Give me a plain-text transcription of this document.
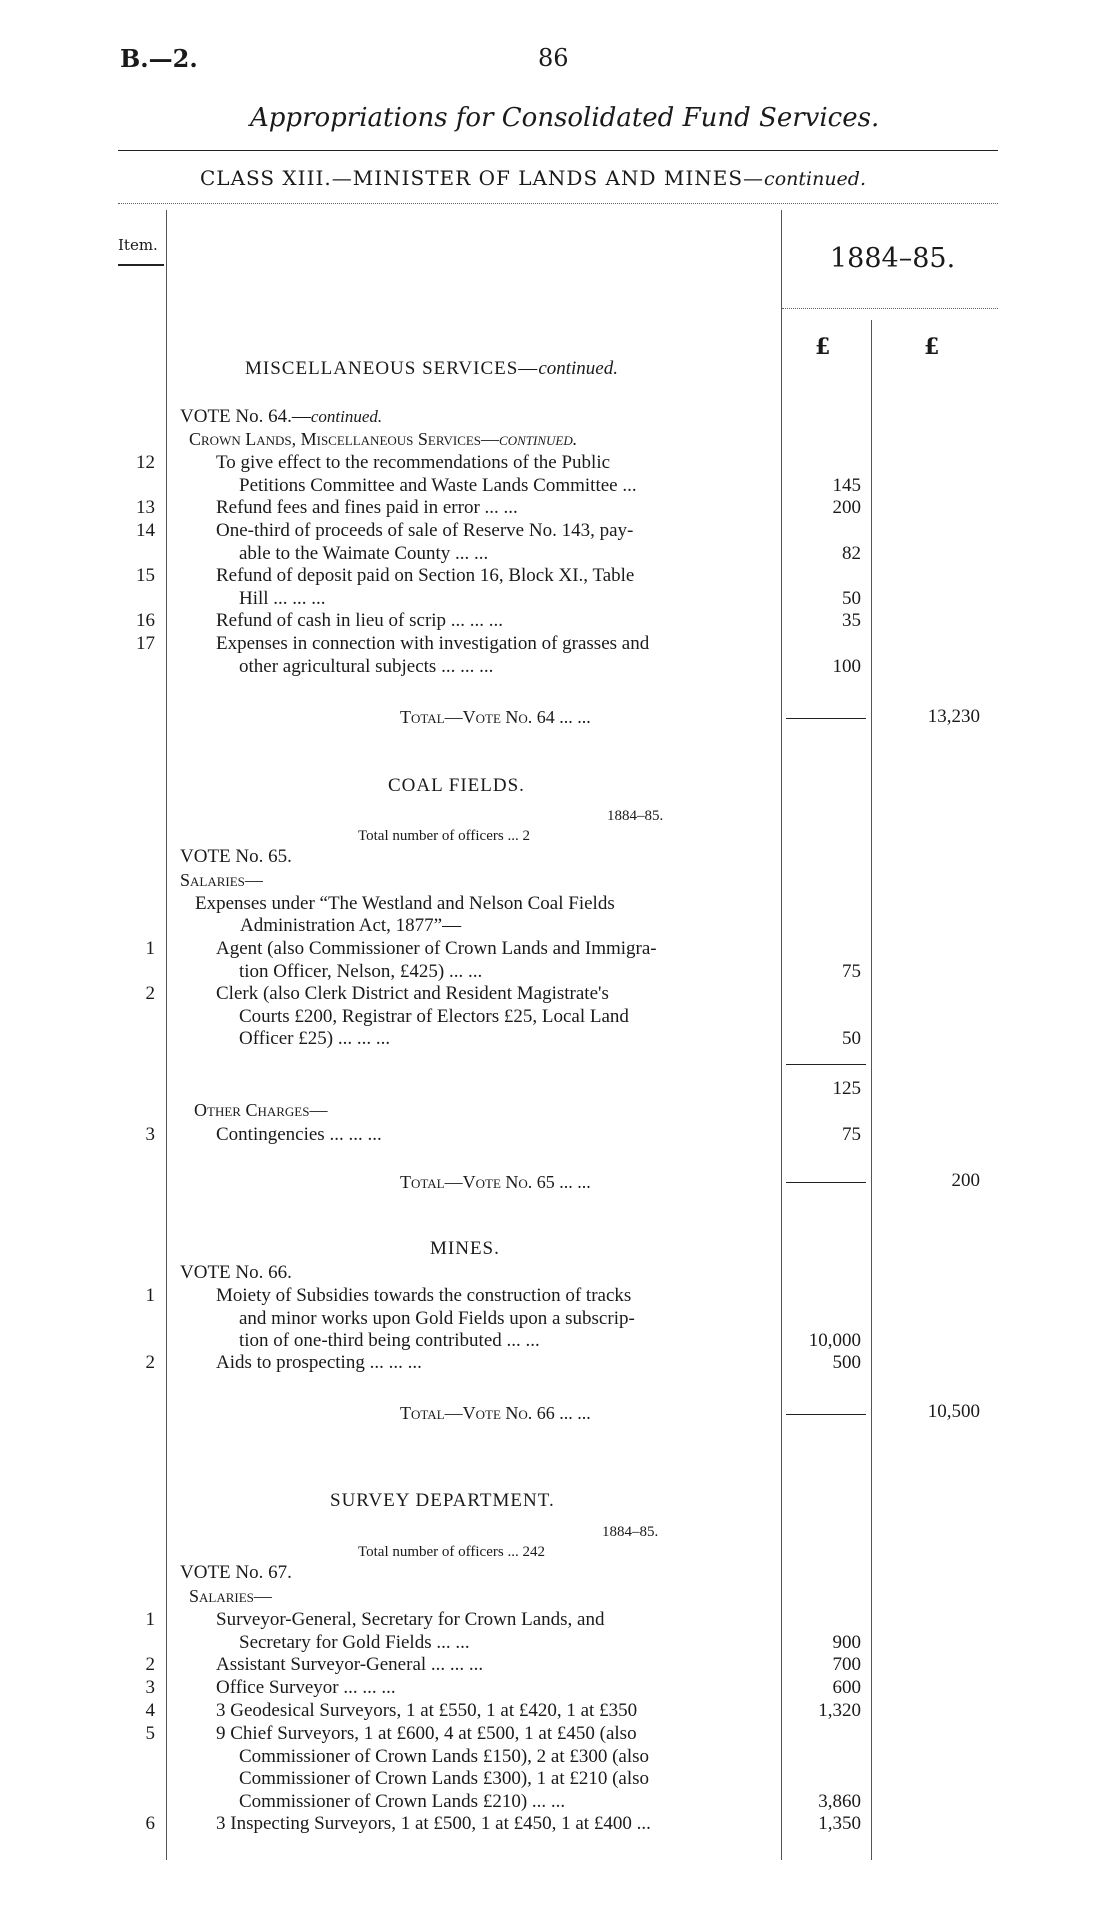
B.—2.	86
Appropriations for Consolidated Fund Services.
CLASS XIII.—MINISTER OF LANDS AND MINES—continued.
Item.	1884–85.
£	£
MISCELLANEOUS SERVICES—continued.
VOTE No. 64.—continued.
Crown Lands, Miscellaneous Services—continued.
12	To give effect to the recommendations of the Public
Petitions Committee and Waste Lands Committee ...	145
13	Refund fees and fines paid in error ... ...	200
14	One-third of proceeds of sale of Reserve No. 143, pay-
able to the Waimate County ... ...	82
15	Refund of deposit paid on Section 16, Block XI., Table
Hill ... ... ...	50
16	Refund of cash in lieu of scrip ... ... ...	35
17	Expenses in connection with investigation of grasses and
other agricultural subjects ... ... ...	100
Total—Vote No. 64 ... ...	13,230
COAL FIELDS.
1884–85.
Total number of officers ... 2
VOTE No. 65.
Salaries—
Expenses under “The Westland and Nelson Coal Fields
Administration Act, 1877”—
1	Agent (also Commissioner of Crown Lands and Immigra-
tion Officer, Nelson, £425) ... ...	75
2	Clerk (also Clerk District and Resident Magistrate's
Courts £200, Registrar of Electors £25, Local Land
Officer £25) ... ... ...	50
125
Other Charges—
3	Contingencies ... ... ...	75
Total—Vote No. 65 ... ...	200
MINES.
VOTE No. 66.
1	Moiety of Subsidies towards the construction of tracks
and minor works upon Gold Fields upon a subscrip-
tion of one-third being contributed ... ...	10,000
2	Aids to prospecting ... ... ...	500
Total—Vote No. 66 ... ...	10,500
SURVEY DEPARTMENT.
1884–85.
Total number of officers ... 242
VOTE No. 67.
Salaries—
1	Surveyor-General, Secretary for Crown Lands, and
Secretary for Gold Fields ... ...	900
2	Assistant Surveyor-General ... ... ...	700
3	Office Surveyor ... ... ...	600
4	3 Geodesical Surveyors, 1 at £550, 1 at £420, 1 at £350	1,320
5	9 Chief Surveyors, 1 at £600, 4 at £500, 1 at £450 (also
Commissioner of Crown Lands £150), 2 at £300 (also
Commissioner of Crown Lands £300), 1 at £210 (also
Commissioner of Crown Lands £210) ... ...	3,860
6	3 Inspecting Surveyors, 1 at £500, 1 at £450, 1 at £400 ...	1,350
